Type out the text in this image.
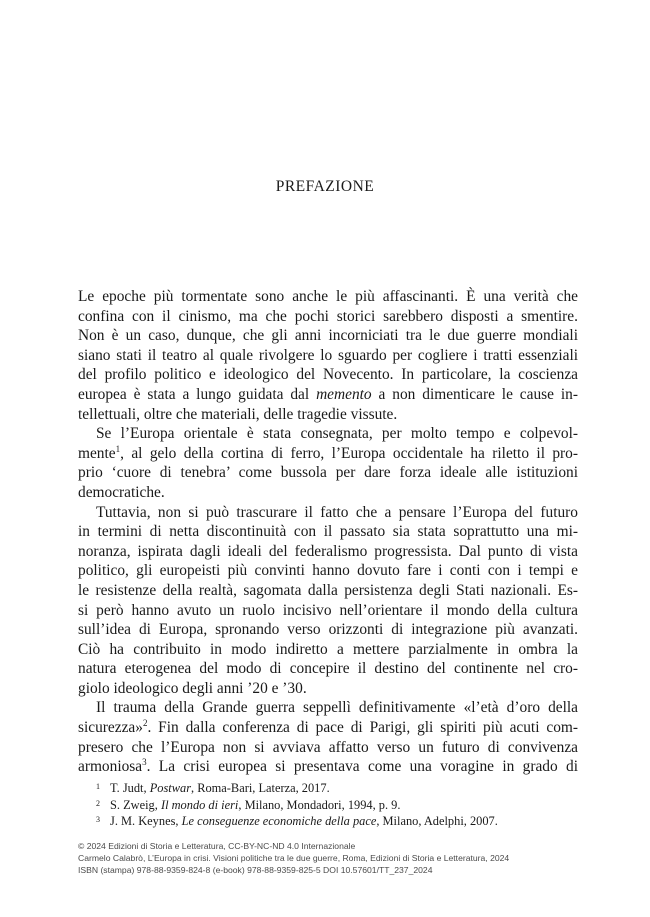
PREFAZIONE
Le epoche più tormentate sono anche le più affascinanti. È una verità che
confina con il cinismo, ma che pochi storici sarebbero disposti a smentire.
Non è un caso, dunque, che gli anni incorniciati tra le due guerre mondiali
siano stati il teatro al quale rivolgere lo sguardo per cogliere i tratti essenziali
del profilo politico e ideologico del Novecento. In particolare, la coscienza
europea è stata a lungo guidata dal memento a non dimenticare le cause in-
tellettuali, oltre che materiali, delle tragedie vissute.
Se l’Europa orientale è stata consegnata, per molto tempo e colpevol-
mente$^1$, al gelo della cortina di ferro, l’Europa occidentale ha riletto il pro-
prio ‘cuore di tenebra’ come bussola per dare forza ideale alle istituzioni
democratiche.
Tuttavia, non si può trascurare il fatto che a pensare l’Europa del futuro
in termini di netta discontinuità con il passato sia stata soprattutto una mi-
noranza, ispirata dagli ideali del federalismo progressista. Dal punto di vista
politico, gli europeisti più convinti hanno dovuto fare i conti con i tempi e
le resistenze della realtà, sagomata dalla persistenza degli Stati nazionali. Es-
si però hanno avuto un ruolo incisivo nell’orientare il mondo della cultura
sull’idea di Europa, spronando verso orizzonti di integrazione più avanzati.
Ciò ha contribuito in modo indiretto a mettere parzialmente in ombra la
natura eterogenea del modo di concepire il destino del continente nel cro-
giolo ideologico degli anni ’20 e ’30.
Il trauma della Grande guerra seppellì definitivamente «l’età d’oro della
sicurezza»$^2$. Fin dalla conferenza di pace di Parigi, gli spiriti più acuti com-
presero che l’Europa non si avviava affatto verso un futuro di convivenza
armoniosa$^3$. La crisi europea si presentava come una voragine in grado di
1 T. Judt, Postwar, Roma-Bari, Laterza, 2017.
2 S. Zweig, Il mondo di ieri, Milano, Mondadori, 1994, p. 9.
3 J. M. Keynes, Le conseguenze economiche della pace, Milano, Adelphi, 2007.
© 2024 Edizioni di Storia e Letteratura, CC-BY-NC-ND 4.0 Internazionale
Carmelo Calabrò, L’Europa in crisi. Visioni politiche tra le due guerre, Roma, Edizioni di Storia e Letteratura, 2024
ISBN (stampa) 978-88-9359-824-8 (e-book) 978-88-9359-825-5 DOI 10.57601/TT_237_2024
